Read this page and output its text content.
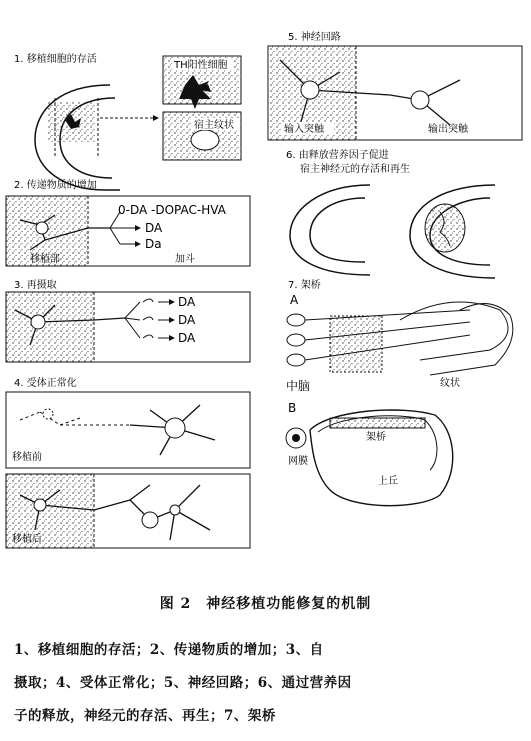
1. 移植细胞的存活
TH阳性细胞
宿主纹状
2. 传递物质的增加
0-DA -DOPAC-HVA
DA
Da
移植部	加斗
3. 再摄取
DA
DA
DA
4. 受体正常化
移植前
移植后
5. 神经回路
输入突触	输出突触
6. 由释放营养因子促进
宿主神经元的存活和再生
7. 架桥
A
中脑	纹状
B
架桥
网膜
上丘
图 2　神经移植功能修复的机制
1、移植细胞的存活；2、传递物质的增加；3、自
摄取；4、受体正常化；5、神经回路；6、通过营养因
子的释放，神经元的存活、再生；7、架桥
